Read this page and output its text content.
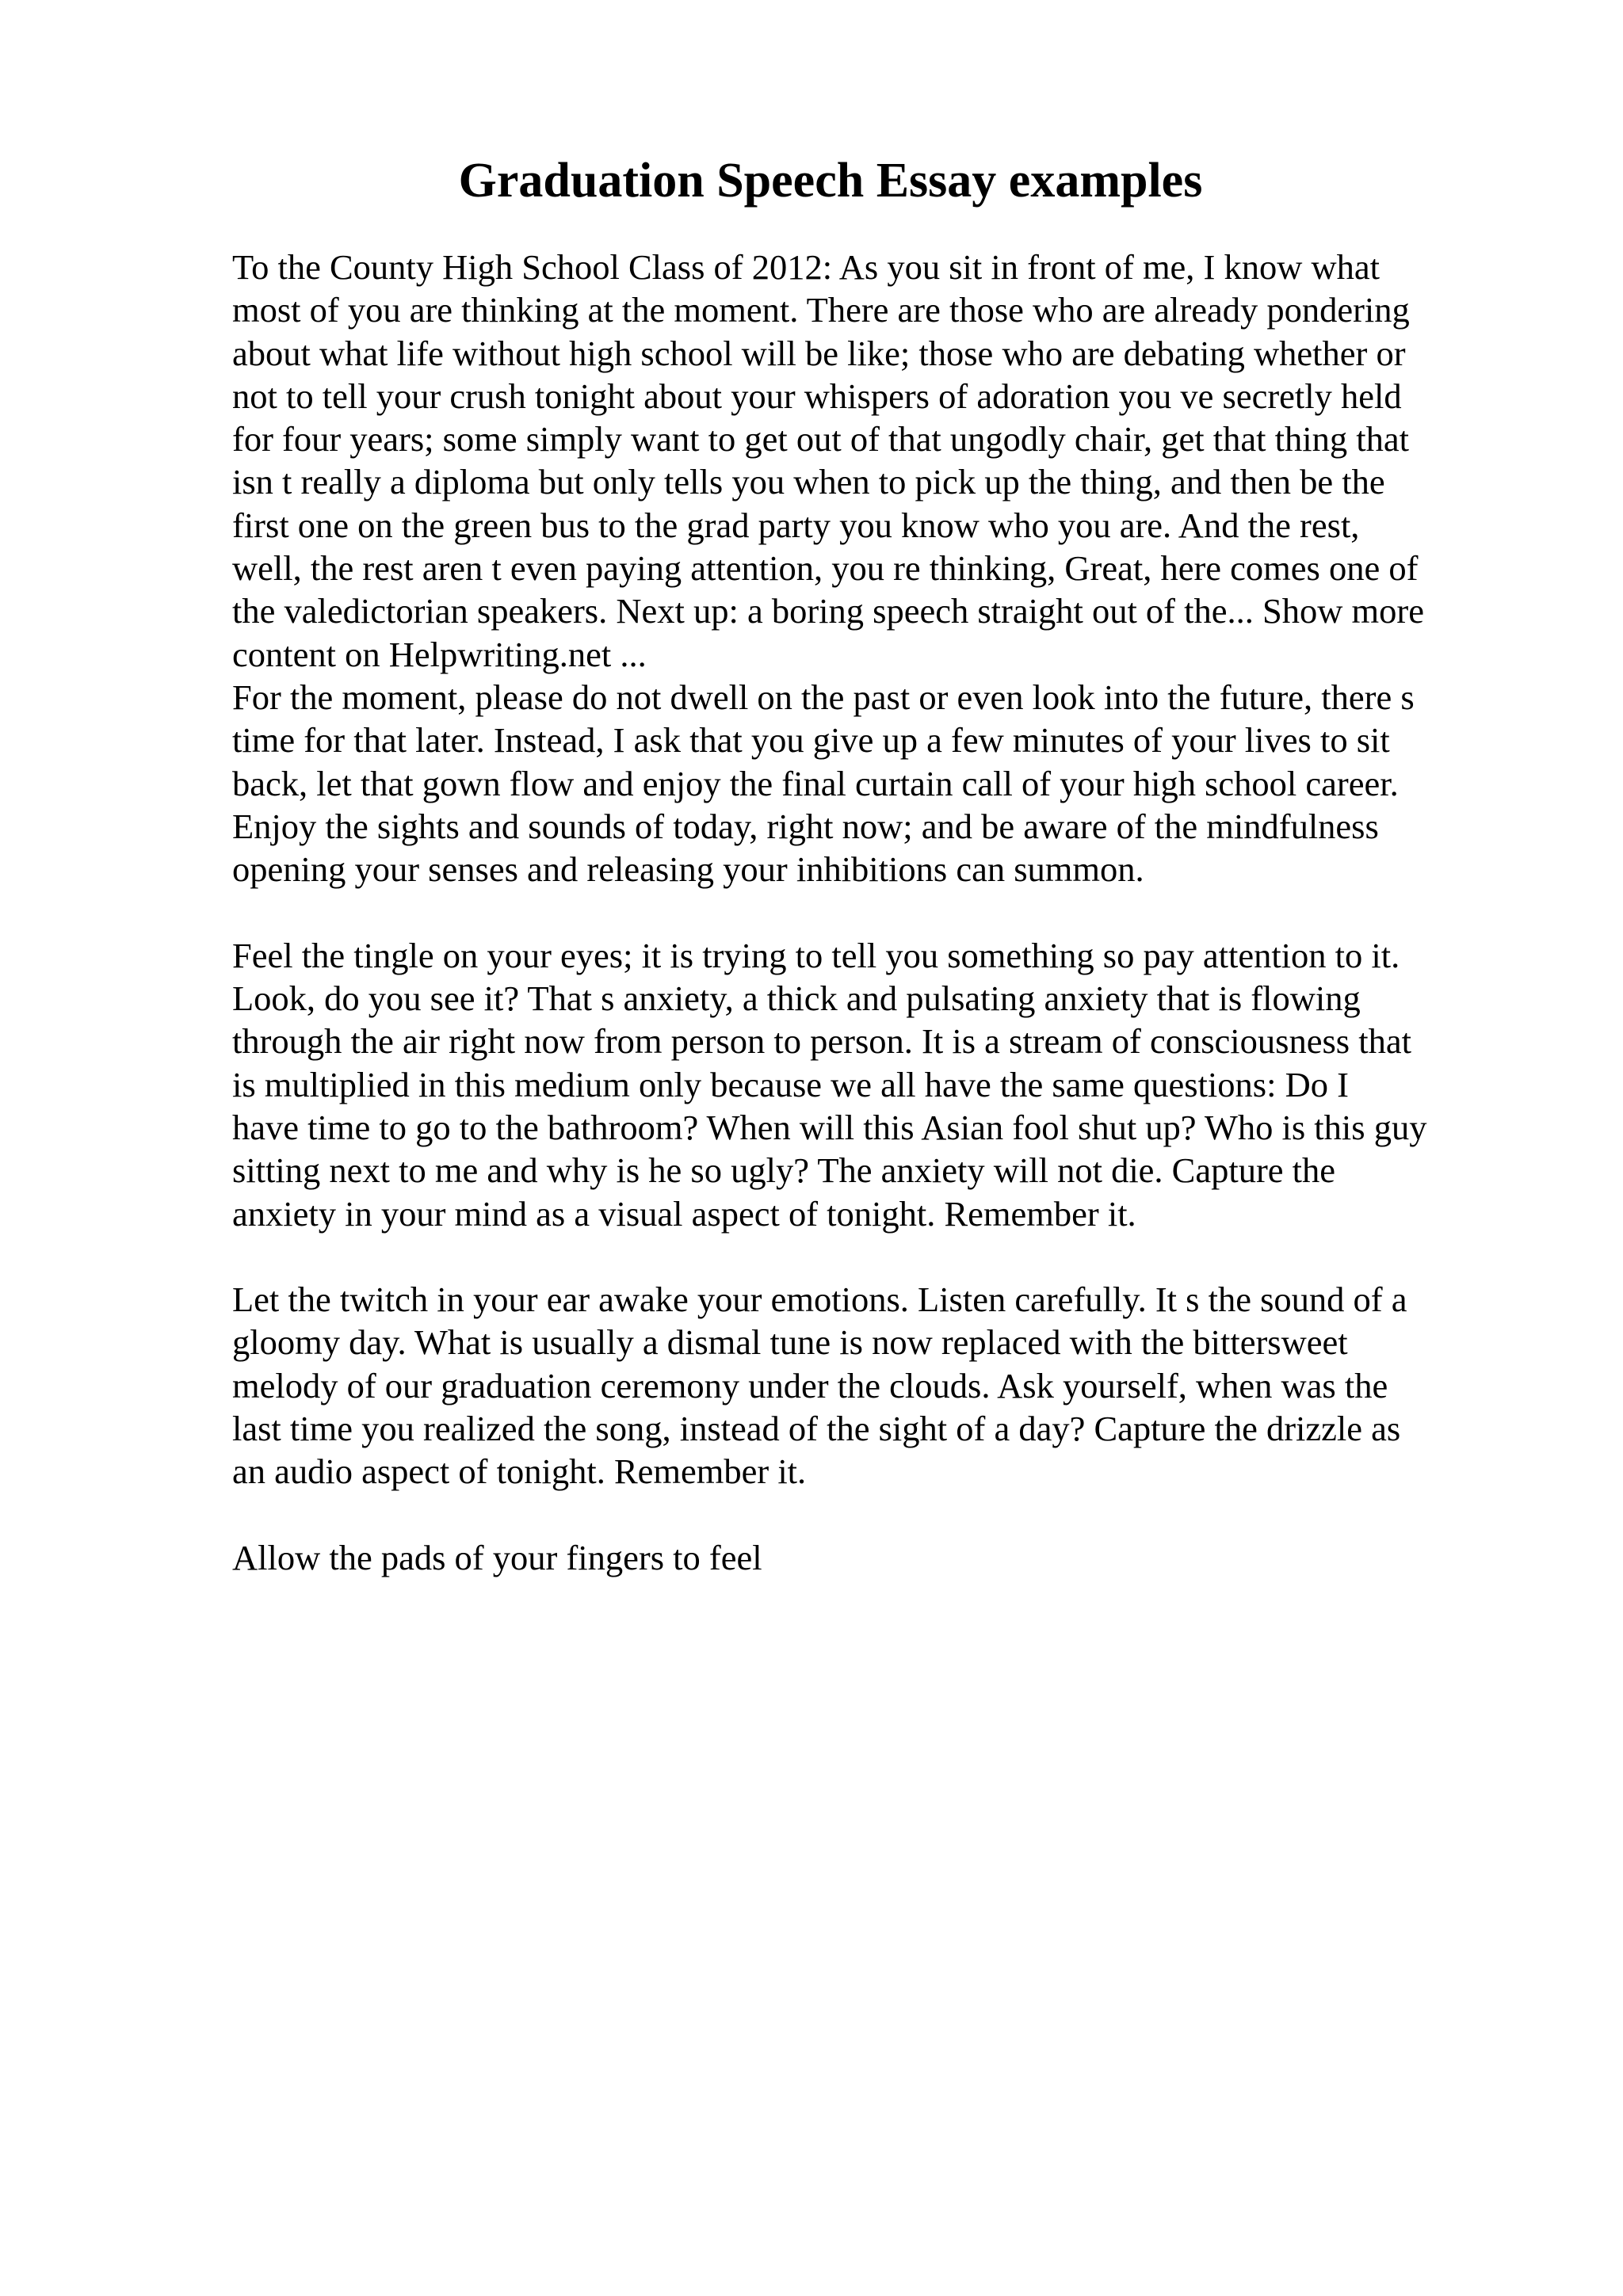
Graduation Speech Essay examples
To the County High School Class of 2012: As you sit in front of me, I know what
most of you are thinking at the moment. There are those who are already pondering
about what life without high school will be like; those who are debating whether or
not to tell your crush tonight about your whispers of adoration you ve secretly held
for four years; some simply want to get out of that ungodly chair, get that thing that
isn t really a diploma but only tells you when to pick up the thing, and then be the
first one on the green bus to the grad party you know who you are. And the rest,
well, the rest aren t even paying attention, you re thinking, Great, here comes one of
the valedictorian speakers. Next up: a boring speech straight out of the... Show more
content on Helpwriting.net ...
For the moment, please do not dwell on the past or even look into the future, there s
time for that later. Instead, I ask that you give up a few minutes of your lives to sit
back, let that gown flow and enjoy the final curtain call of your high school career.
Enjoy the sights and sounds of today, right now; and be aware of the mindfulness
opening your senses and releasing your inhibitions can summon.
Feel the tingle on your eyes; it is trying to tell you something so pay attention to it.
Look, do you see it? That s anxiety, a thick and pulsating anxiety that is flowing
through the air right now from person to person. It is a stream of consciousness that
is multiplied in this medium only because we all have the same questions: Do I
have time to go to the bathroom? When will this Asian fool shut up? Who is this guy
sitting next to me and why is he so ugly? The anxiety will not die. Capture the
anxiety in your mind as a visual aspect of tonight. Remember it.
Let the twitch in your ear awake your emotions. Listen carefully. It s the sound of a
gloomy day. What is usually a dismal tune is now replaced with the bittersweet
melody of our graduation ceremony under the clouds. Ask yourself, when was the
last time you realized the song, instead of the sight of a day? Capture the drizzle as
an audio aspect of tonight. Remember it.
Allow the pads of your fingers to feel
